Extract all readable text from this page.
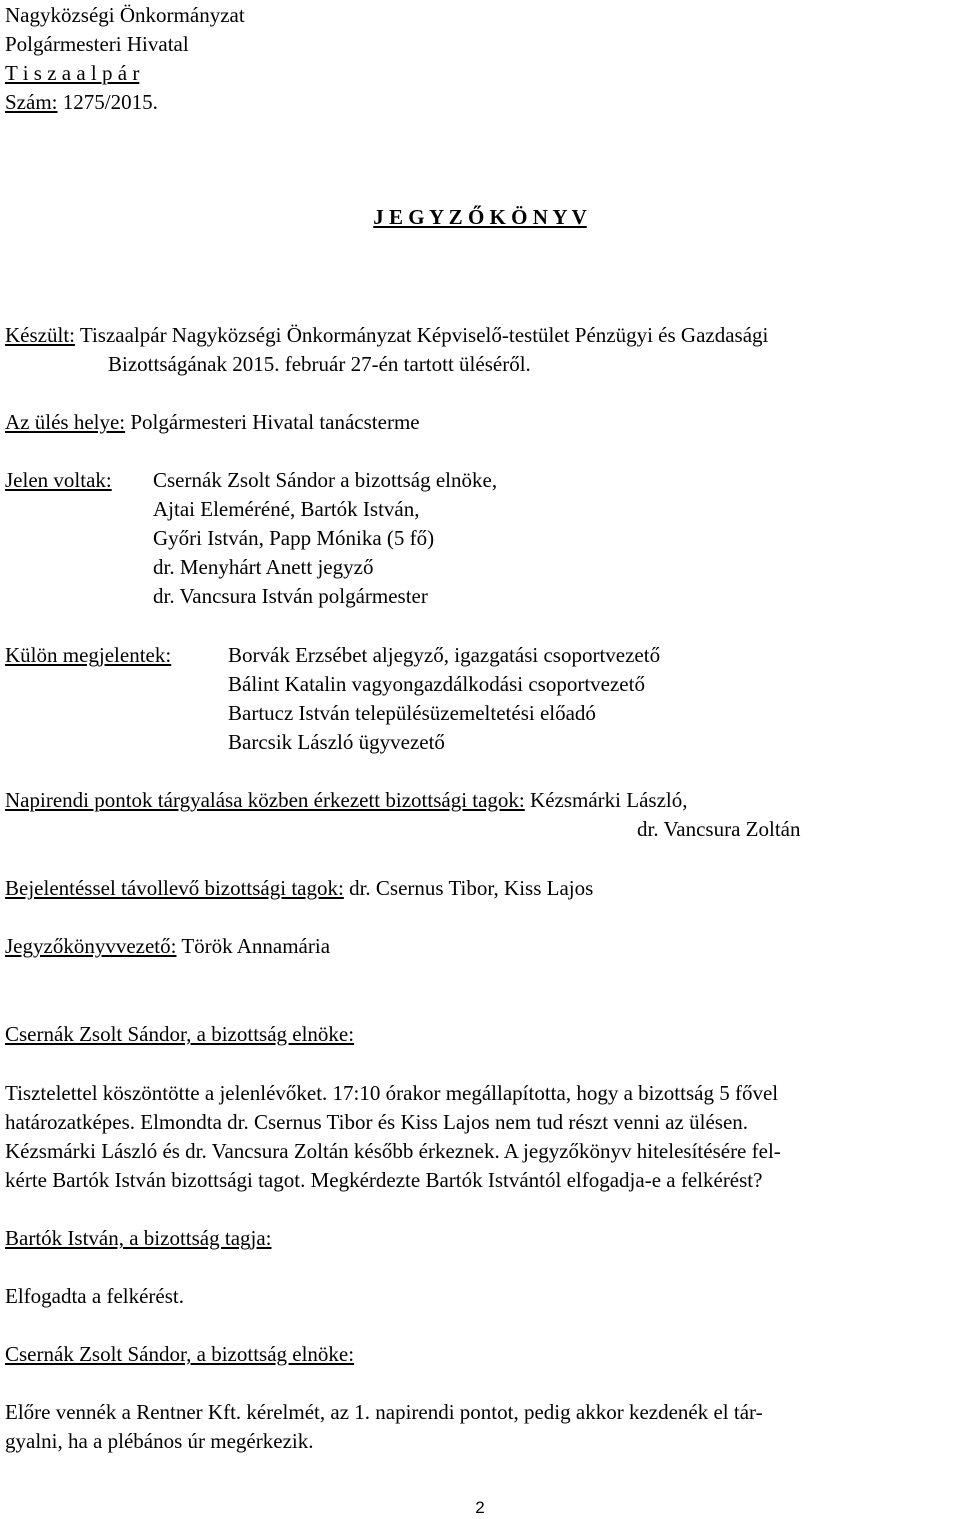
Nagyközségi Önkormányzat
Polgármesteri Hivatal
T i s z a a l p á r
Szám: 1275/2015.
J E G Y Z Ő K Ö N Y V
Készült: Tiszaalpár Nagyközségi Önkormányzat Képviselő-testület Pénzügyi és Gazdasági
Bizottságának 2015. február 27-én tartott üléséről.
Az ülés helye: Polgármesteri Hivatal tanácsterme
Jelen voltak: Csernák Zsolt Sándor a bizottság elnöke,
Ajtai Eleméréné, Bartók István,
Győri István, Papp Mónika (5 fő)
dr. Menyhárt Anett jegyző
dr. Vancsura István polgármester
Külön megjelentek:	Borvák Erzsébet aljegyző, igazgatási csoportvezető
Bálint Katalin vagyongazdálkodási csoportvezető
Bartucz István településüzemeltetési előadó
Barcsik László ügyvezető
Napirendi pontok tárgyalása közben érkezett bizottsági tagok: Kézsmárki László,
dr. Vancsura Zoltán
Bejelentéssel távollevő bizottsági tagok: dr. Csernus Tibor, Kiss Lajos
Jegyzőkönyvvezető: Török Annamária
Csernák Zsolt Sándor, a bizottság elnöke:
Tisztelettel köszöntötte a jelenlévőket. 17:10 órakor megállapította, hogy a bizottság 5 fővel
határozatképes. Elmondta dr. Csernus Tibor és Kiss Lajos nem tud részt venni az ülésen.
Kézsmárki László és dr. Vancsura Zoltán később érkeznek. A jegyzőkönyv hitelesítésére fel-
kérte Bartók István bizottsági tagot. Megkérdezte Bartók Istvántól elfogadja-e a felkérést?
Bartók István, a bizottság tagja:
Elfogadta a felkérést.
Csernák Zsolt Sándor, a bizottság elnöke:
Előre vennék a Rentner Kft. kérelmét, az 1. napirendi pontot, pedig akkor kezdenék el tár-
gyalni, ha a plébános úr megérkezik.
2
